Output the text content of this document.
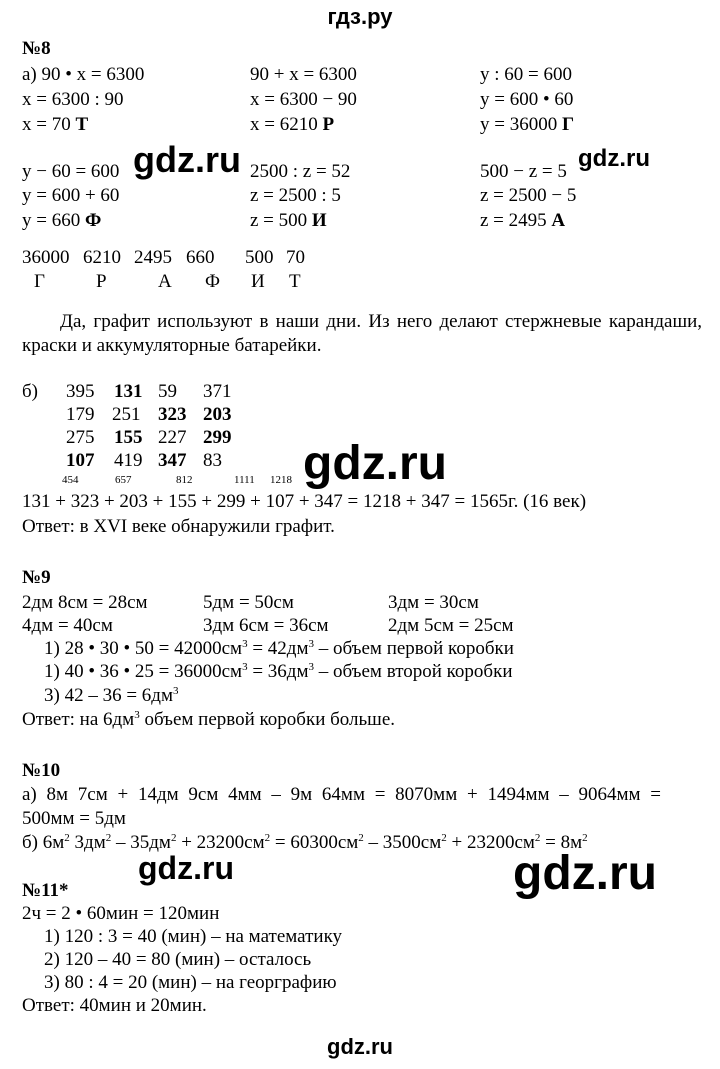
гдз.ру
gdz.ru	gdz.ru
gdz.ru
gdz.ru	gdz.ru
№8
а) 90 • x = 6300	90 + x = 6300	y : 60 = 600
x = 6300 : 90	x = 6300 − 90	y = 600 • 60
x = 70 Т	x = 6210 Р	y = 36000 Г
y − 60 = 600	2500 : z = 52	500 − z = 5
y = 600 + 60	z = 2500 : 5	z = 2500 − 5
y = 660 Ф	z = 500 И	z = 2495 А
36000 6210 2495 660 500 70
Г	Р	А Ф И Т
Да, графит используют в наши дни. Из него делают стержневые карандаши, краски и аккумуляторные батарейки.
б) 395 131 59 371
179 251 323 203
275 155 227 299
107 419 347 83
454	657	812	1111 1218
131 + 323 + 203 + 155 + 299 + 107 + 347 = 1218 + 347 = 1565г. (16 век)
Ответ: в XVI веке обнаружили графит.
№9
2дм 8см = 28см	5дм = 50см	3дм = 30см
4дм = 40см	3дм 6см = 36см	2дм 5см = 25см
1) 28 • 30 • $50 = 42000см^3 = 42дм^3$ – объем первой коробки
1) 40 • 36 • $25 = 36000см^3 = 36дм^3$ – объем второй коробки
3) $42 - 36 = 6дм^3$
Ответ: на $6дм^3$ объем первой коробки больше.
№10
а) 8м 7см + 14дм 9см 4мм – 9м 64мм = 8070мм + 1494мм – 9064мм =
500мм = 5дм
б) $6м^2$ $3дм^2 - 35дм^2 + 23200см^2 = 60300см^2 - 3500см^2 + 23200см^2 = 8м^2$
№11*
2ч = 2 • 60мин = 120мин
1) 120 : 3 = 40 (мин) – на математику
2) 120 – 40 = 80 (мин) – осталось
3) 80 : 4 = 20 (мин) – на георграфию
Ответ: 40мин и 20мин.
gdz.ru
